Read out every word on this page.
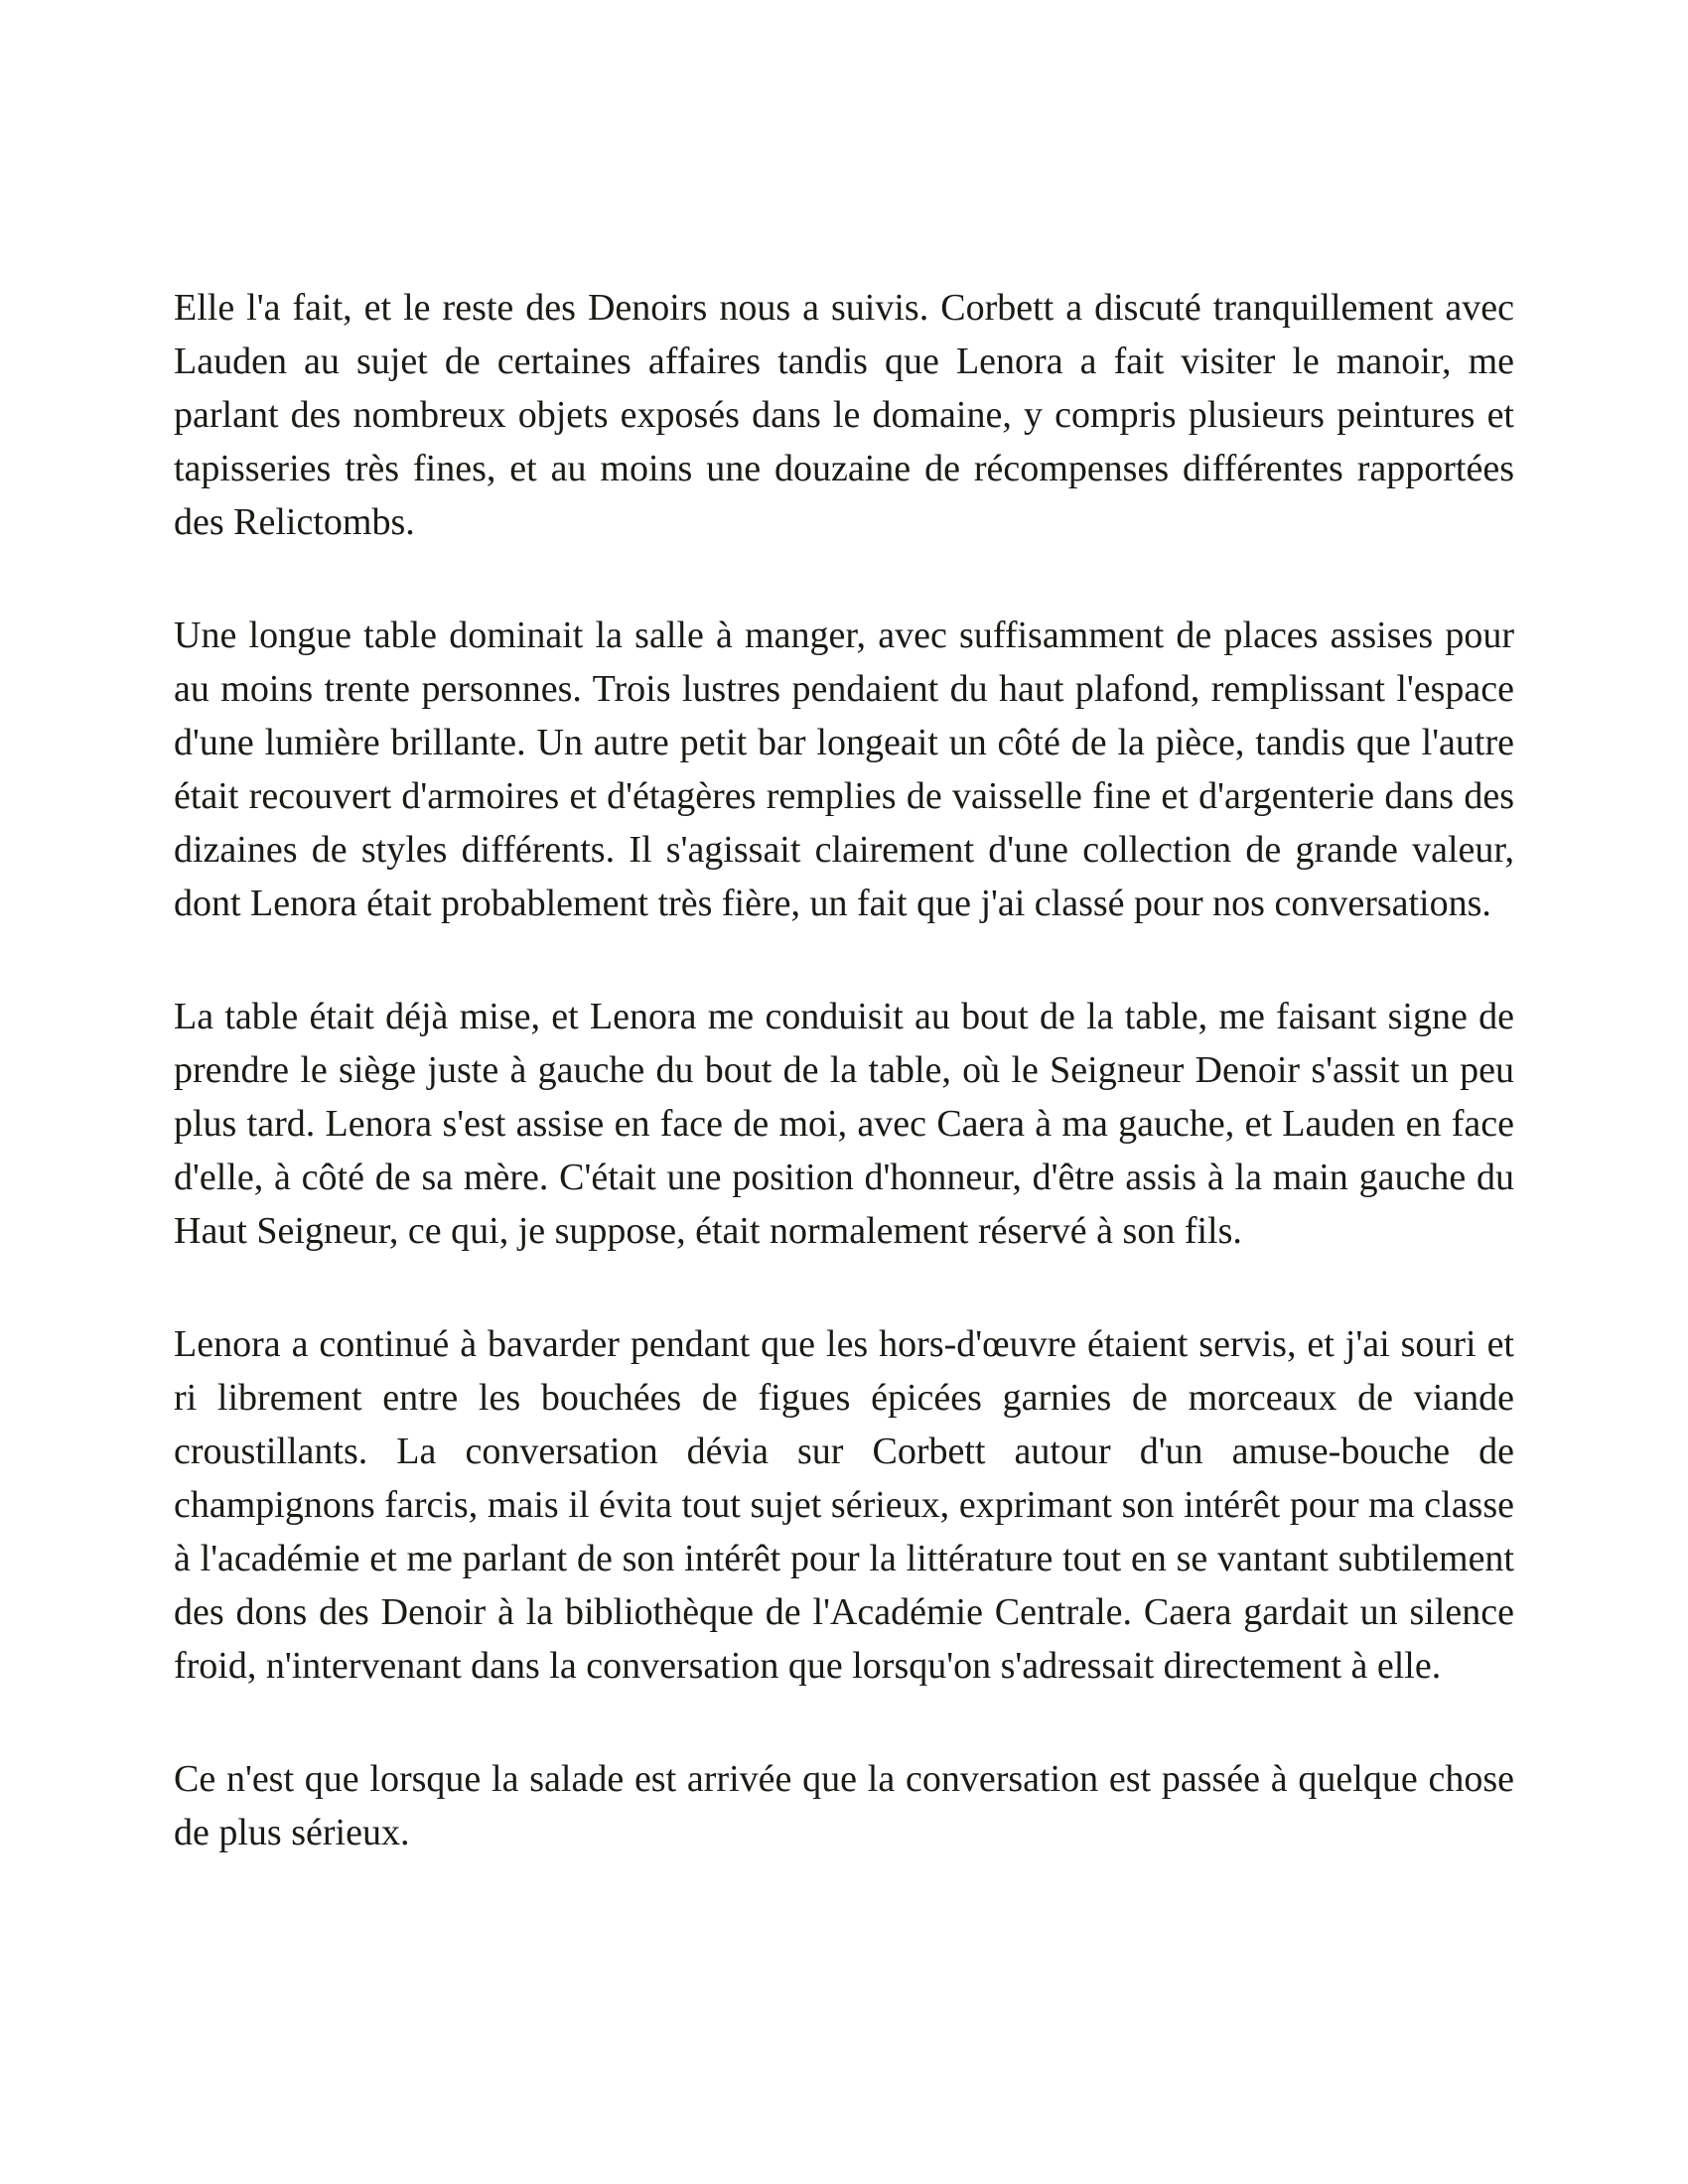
Elle l'a fait, et le reste des Denoirs nous a suivis. Corbett a discuté tranquillement avec Lauden au sujet de certaines affaires tandis que Lenora a fait visiter le manoir, me parlant des nombreux objets exposés dans le domaine, y compris plusieurs peintures et tapisseries très fines, et au moins une douzaine de récompenses différentes rapportées des Relictombs.

Une longue table dominait la salle à manger, avec suffisamment de places assises pour au moins trente personnes. Trois lustres pendaient du haut plafond, remplissant l'espace d'une lumière brillante. Un autre petit bar longeait un côté de la pièce, tandis que l'autre était recouvert d'armoires et d'étagères remplies de vaisselle fine et d'argenterie dans des dizaines de styles différents. Il s'agissait clairement d'une collection de grande valeur, dont Lenora était probablement très fière, un fait que j'ai classé pour nos conversations.

La table était déjà mise, et Lenora me conduisit au bout de la table, me faisant signe de prendre le siège juste à gauche du bout de la table, où le Seigneur Denoir s'assit un peu plus tard. Lenora s'est assise en face de moi, avec Caera à ma gauche, et Lauden en face d'elle, à côté de sa mère. C'était une position d'honneur, d'être assis à la main gauche du Haut Seigneur, ce qui, je suppose, était normalement réservé à son fils.

Lenora a continué à bavarder pendant que les hors-d'œuvre étaient servis, et j'ai souri et ri librement entre les bouchées de figues épicées garnies de morceaux de viande croustillants. La conversation dévia sur Corbett autour d'un amuse-bouche de champignons farcis, mais il évita tout sujet sérieux, exprimant son intérêt pour ma classe à l'académie et me parlant de son intérêt pour la littérature tout en se vantant subtilement des dons des Denoir à la bibliothèque de l'Académie Centrale. Caera gardait un silence froid, n'intervenant dans la conversation que lorsqu'on s'adressait directement à elle.

Ce n'est que lorsque la salade est arrivée que la conversation est passée à quelque chose de plus sérieux.
